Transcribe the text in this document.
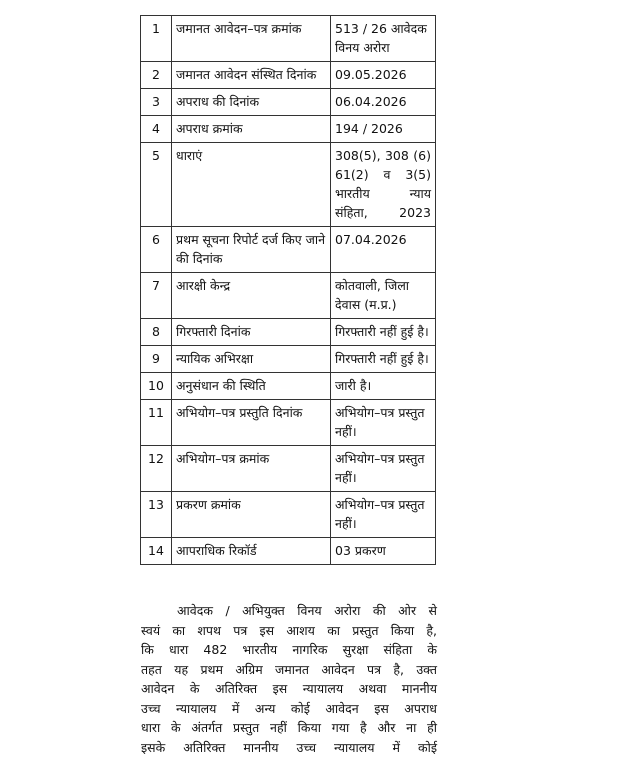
1	जमानत आवेदन–पत्र क्रमांक	513 / 26 आवेदक विनय अरोरा
2	जमानत आवेदन संस्थित दिनांक	09.05.2026
3	अपराध की दिनांक	06.04.2026
4	अपराध क्रमांक	194 / 2026
5	धाराएं	308(5), 308 (6) 61(2) व 3(5) भारतीय न्याय संहिता, 2023
6	प्रथम सूचना रिपोर्ट दर्ज किए जाने की दिनांक	07.04.2026
7	आरक्षी केन्द्र	कोतवाली, जिला देवास (म.प्र.)
8	गिरफ्तारी दिनांक	गिरफ्तारी नहीं हुई है।
9	न्यायिक अभिरक्षा	गिरफ्तारी नहीं हुई है।
10	अनुसंधान की स्थिति	जारी है।
11	अभियोग–पत्र प्रस्तुति दिनांक	अभियोग–पत्र प्रस्तुत नहीं।
12	अभियोग–पत्र क्रमांक	अभियोग–पत्र प्रस्तुत नहीं।
13	प्रकरण क्रमांक	अभियोग–पत्र प्रस्तुत नहीं।
14	आपराधिक रिकॉर्ड	03 प्रकरण
आवेदक / अभियुक्त विनय अरोरा की ओर से
स्वयं का शपथ पत्र इस आशय का प्रस्तुत किया है,
कि धारा 482 भारतीय नागरिक सुरक्षा संहिता के
तहत यह प्रथम अग्रिम जमानत आवेदन पत्र है, उक्त
आवेदन के अतिरिक्त इस न्यायालय अथवा माननीय
उच्च न्यायालय में अन्य कोई आवेदन इस अपराध
धारा के अंतर्गत प्रस्तुत नहीं किया गया है और ना ही
इसके अतिरिक्त माननीय उच्च न्यायालय में कोई
